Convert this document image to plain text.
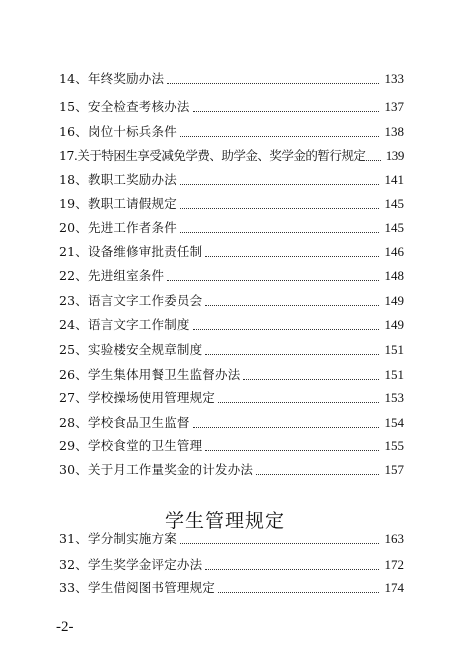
14、年终奖励办法	133
15、安全检查考核办法	137
16、岗位十标兵条件	138
17.关于特困生享受减免学费、助学金、奖学金的暂行规定 139
18、教职工奖励办法	141
19、教职工请假规定	145
20、先进工作者条件	145
21、设备维修审批责任制	146
22、先进组室条件	148
23、语言文字工作委员会	149
24、语言文字工作制度	149
25、实验楼安全规章制度	151
26、学生集体用餐卫生监督办法	151
27、学校操场使用管理规定	153
28、学校食品卫生监督	154
29、学校食堂的卫生管理	155
30、关于月工作量奖金的计发办法	157
学生管理规定
31、学分制实施方案	163
32、学生奖学金评定办法	172
33、学生借阅图书管理规定	174
-2-
